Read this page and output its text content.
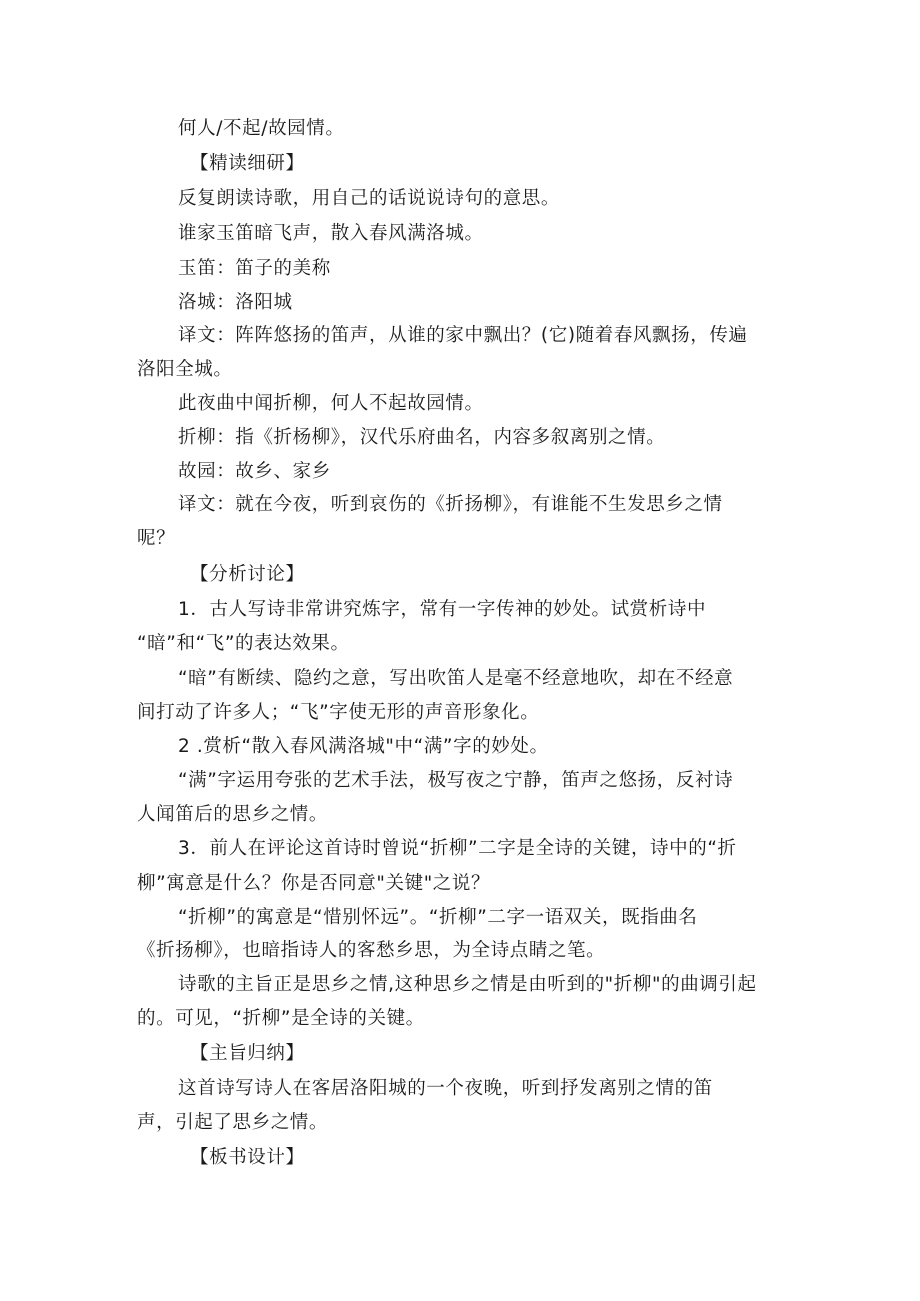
何人/不起/故园情。
【精读细研】
反复朗读诗歌，用自己的话说说诗句的意思。
谁家玉笛暗飞声，散入春风满洛城。
玉笛：笛子的美称
洛城：洛阳城
译文：阵阵悠扬的笛声，从谁的家中飘出？(它)随着春风飘扬，传遍
洛阳全城。
此夜曲中闻折柳，何人不起故园情。
折柳：指《折杨柳》，汉代乐府曲名，内容多叙离别之情。
故园：故乡、家乡
译文：就在今夜，听到哀伤的《折扬柳》，有谁能不生发思乡之情
呢？
【分析讨论】
1．古人写诗非常讲究炼字，常有一字传神的妙处。试赏析诗中
“暗”和“飞”的表达效果。
“暗”有断续、隐约之意，写出吹笛人是毫不经意地吹，却在不经意
间打动了许多人；“飞”字使无形的声音形象化。
2 .赏析“散入春风满洛城"中“满”字的妙处。
“满”字运用夸张的艺术手法，极写夜之宁静，笛声之悠扬，反衬诗
人闻笛后的思乡之情。
3．前人在评论这首诗时曾说“折柳”二字是全诗的关键，诗中的“折
柳”寓意是什么？你是否同意"关键"之说？
“折柳”的寓意是“惜别怀远”。“折柳”二字一语双关，既指曲名
《折扬柳》，也暗指诗人的客愁乡思，为全诗点睛之笔。
诗歌的主旨正是思乡之情,这种思乡之情是由听到的"折柳"的曲调引起
的。可见，“折柳”是全诗的关键。
【主旨归纳】
这首诗写诗人在客居洛阳城的一个夜晚，听到抒发离别之情的笛
声，引起了思乡之情。
【板书设计】
